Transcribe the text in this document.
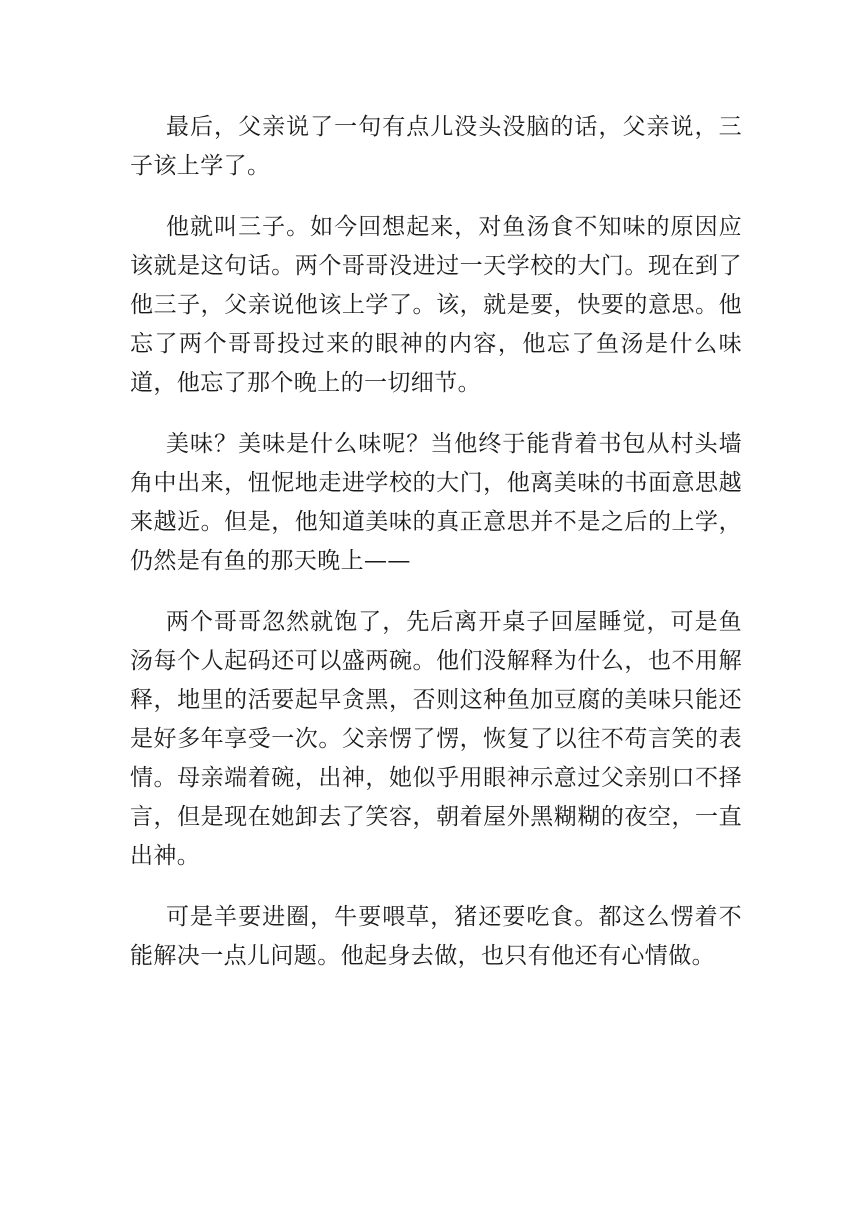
最后，父亲说了一句有点儿没头没脑的话，父亲说，三子该上学了。

他就叫三子。如今回想起来，对鱼汤食不知味的原因应该就是这句话。两个哥哥没进过一天学校的大门。现在到了他三子，父亲说他该上学了。该，就是要，快要的意思。他忘了两个哥哥投过来的眼神的内容，他忘了鱼汤是什么味道，他忘了那个晚上的一切细节。

美味？美味是什么味呢？当他终于能背着书包从村头墙角中出来，忸怩地走进学校的大门，他离美味的书面意思越来越近。但是，他知道美味的真正意思并不是之后的上学，仍然是有鱼的那天晚上——

两个哥哥忽然就饱了，先后离开桌子回屋睡觉，可是鱼汤每个人起码还可以盛两碗。他们没解释为什么，也不用解释，地里的活要起早贪黑，否则这种鱼加豆腐的美味只能还是好多年享受一次。父亲愣了愣，恢复了以往不苟言笑的表情。母亲端着碗，出神，她似乎用眼神示意过父亲别口不择言，但是现在她卸去了笑容，朝着屋外黑糊糊的夜空，一直出神。

可是羊要进圈，牛要喂草，猪还要吃食。都这么愣着不能解决一点儿问题。他起身去做，也只有他还有心情做。
